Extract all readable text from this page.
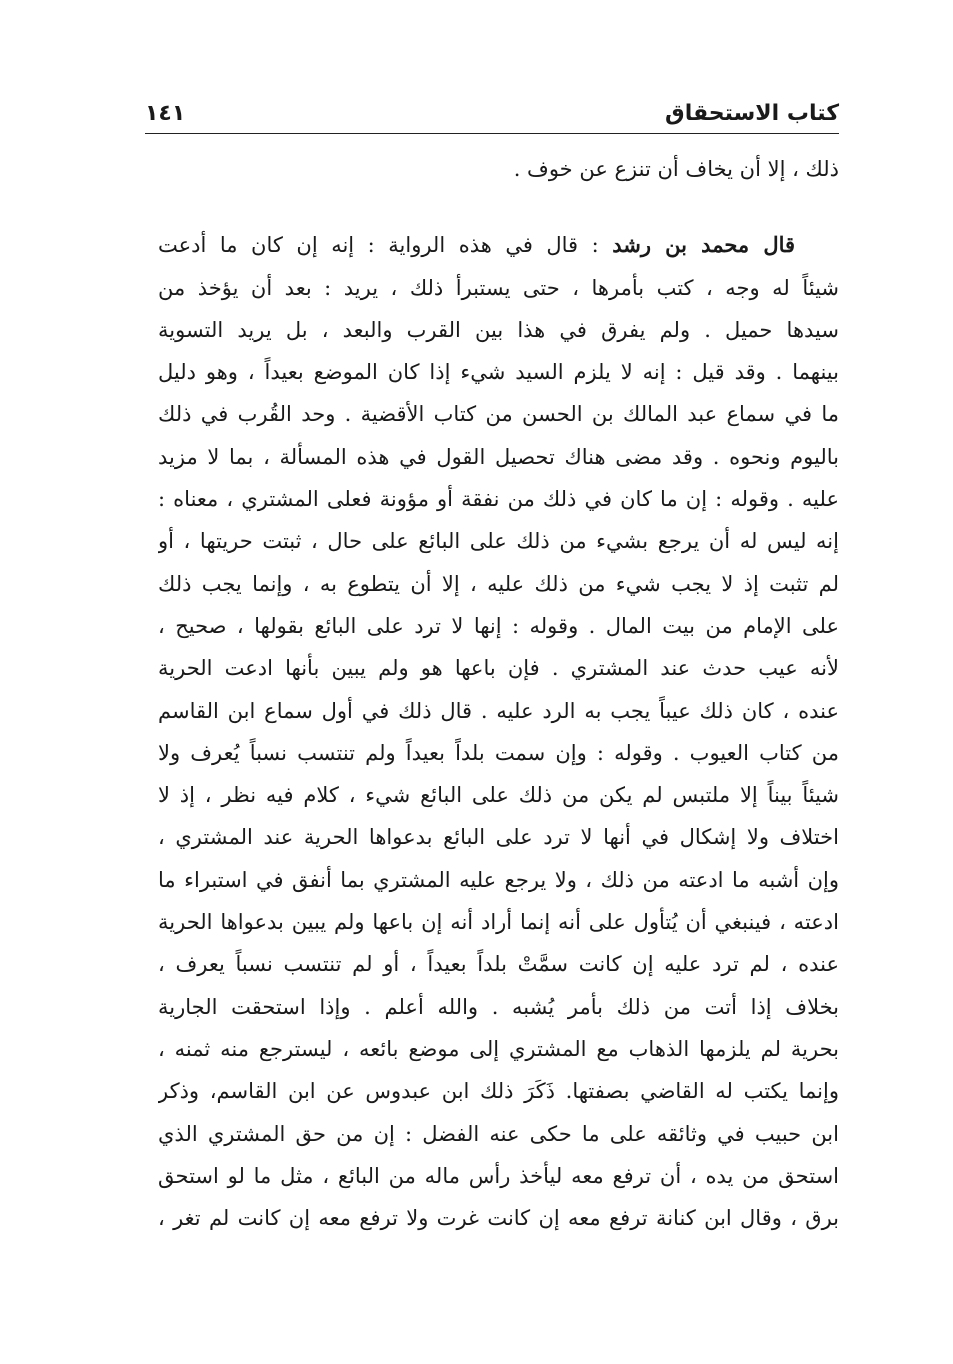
كتاب الاستحقاق
١٤١
ذلك ، إلا أن يخاف أن تنزع عن خوف .
قال محمد بن رشد : قال في هذه الرواية : إنه إن كان ما أدعت
شيئاً له وجه ، كتب بأمرها ، حتى يستبرأ ذلك ، يريد : بعد أن يؤخذ من
سيدها حميل . ولم يفرق في هذا بين القرب والبعد ، بل يريد التسوية
بينهما . وقد قيل : إنه لا يلزم السيد شيء إذا كان الموضع بعيداً ، وهو دليل
ما في سماع عبد المالك بن الحسن من كتاب الأقضية . وحد القُرب في ذلك
باليوم ونحوه . وقد مضى هناك تحصيل القول في هذه المسألة ، بما لا مزيد
عليه . وقوله : إن ما كان في ذلك من نفقة أو مؤونة فعلى المشتري ، معناه :
إنه ليس له أن يرجع بشيء من ذلك على البائع على حال ، ثبتت حريتها ، أو
لم تثبت إذ لا يجب شيء من ذلك عليه ، إلا أن يتطوع به ، وإنما يجب ذلك
على الإمام من بيت المال . وقوله : إنها لا ترد على البائع بقولها ، صحيح ،
لأنه عيب حدث عند المشتري . فإن باعها هو ولم يبين بأنها ادعت الحرية
عنده ، كان ذلك عيباً يجب به الرد عليه . قال ذلك في أول سماع ابن القاسم
من كتاب العيوب . وقوله : وإن سمت بلداً بعيداً ولم تنتسب نسباً يُعرف ولا
شيئاً بيناً إلا ملتبس لم يكن من ذلك على البائع شيء ، كلام فيه نظر ، إذ لا
اختلاف ولا إشكال في أنها لا ترد على البائع بدعواها الحرية عند المشتري ،
وإن أشبه ما ادعته من ذلك ، ولا يرجع عليه المشتري بما أنفق في استبراء ما
ادعته ، فينبغي أن يُتأول على أنه إنما أراد أنه إن باعها ولم يبين بدعواها الحرية
عنده ، لم ترد عليه إن كانت سمَّتْ بلداً بعيداً ، أو لم تنتسب نسباً يعرف ،
بخلاف إذا أتت من ذلك بأمر يُشبه . والله أعلم . وإذا استحقت الجارية
بحرية لم يلزمها الذهاب مع المشتري إلى موضع بائعه ، ليسترجع منه ثمنه ،
وإنما يكتب له القاضي بصفتها. ذَكَرَ ذلك ابن عبدوس عن ابن القاسم، وذكر
ابن حبيب في وثائقه على ما حكى عنه الفضل : إن من حق المشتري الذي
استحق من يده ، أن ترفع معه ليأخذ رأس ماله من البائع ، مثل ما لو استحق
برق ، وقال ابن كنانة ترفع معه إن كانت غرت ولا ترفع معه إن كانت لم تغر ،
